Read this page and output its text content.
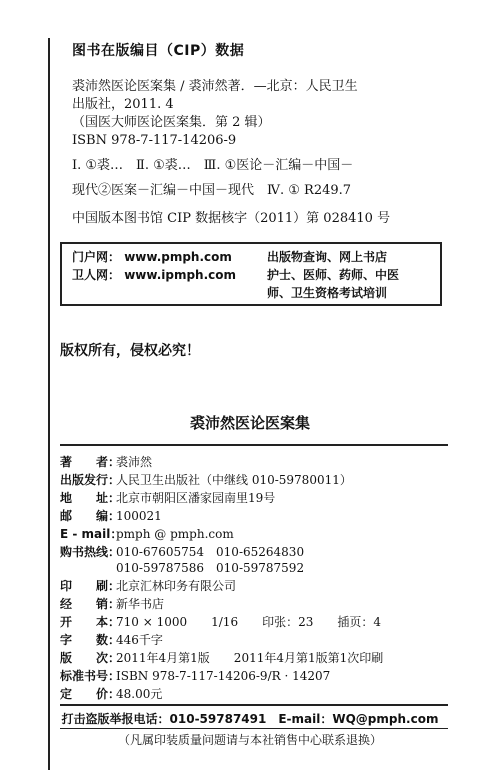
图书在版编目（CIP）数据
裘沛然医论医案集 / 裘沛然著．—北京：人民卫生
出版社，2011. 4
（国医大师医论医案集．第 2 辑）
ISBN 978-7-117-14206-9
Ⅰ. ①裘…　Ⅱ. ①裘…　Ⅲ. ①医论－汇编－中国－
现代②医案－汇编－中国－现代　Ⅳ. ① R249.7
中国版本图书馆 CIP 数据核字（2011）第 028410 号
门户网： www.pmph.com	出版物查询、网上书店
卫人网： www.ipmph.com	护士、医师、药师、中医
师、卫生资格考试培训
版权所有，侵权必究！
裘沛然医论医案集
著　　者：裘沛然
出版发行：人民卫生出版社（中继线 010-59780011）
地　　址：北京市朝阳区潘家园南里19号
邮　　编：100021
E - mail：pmph @ pmph.com
购书热线：010-67605754　010-65264830
010-59787586　010-59787592
印　　刷：北京汇林印务有限公司
经　　销：新华书店
开　　本：710 × 1000　　1/16　　印张：23　　插页：4
字　　数：446千字
版　　次：2011年4月第1版　　2011年4月第1版第1次印刷
标准书号：ISBN 978-7-117-14206-9/R · 14207
定　　价：48.00元
打击盗版举报电话：010-59787491　E-mail：WQ@pmph.com
（凡属印装质量问题请与本社销售中心联系退换）
